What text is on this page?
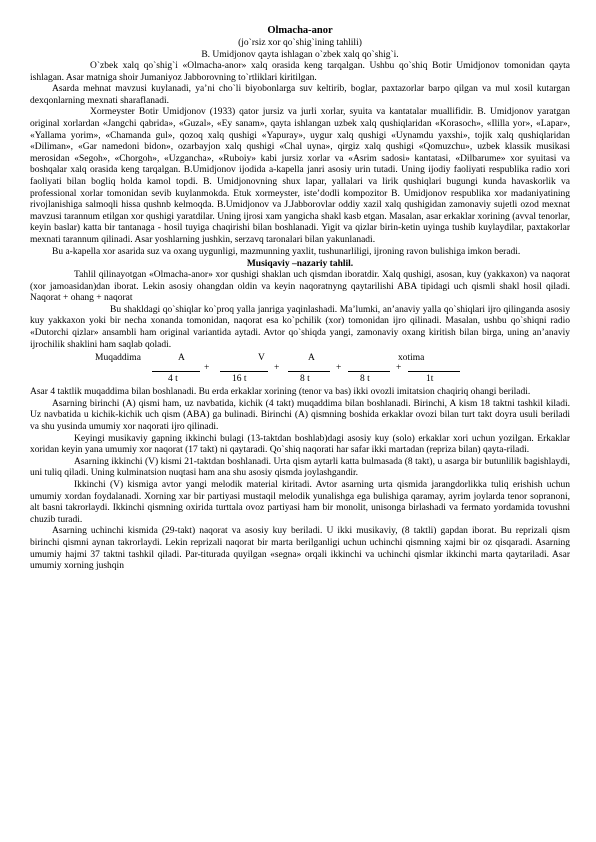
Olmacha-anor
(jo`rsiz xor qo`shig`ining tahlili)
B. Umidjonov qayta ishlagan o`zbek xalq qo`shig`i.

O`zbek xalq qo`shig`i «Olmacha-anor» xalq orasida keng tarqalgan. Ushbu qo`shiq Botir Umidjonov tomonidan qayta ishlagan. Asar matniga shoir Jumaniyoz Jabborovning to`rtliklari kiritilgan.

Asarda mehnat mavzusi kuylanadi, ya’ni cho`li biyobonlarga suv keltirib, boglar, paxtazorlar barpo qilgan va mul xosil kutargan dexqonlarning mexnati sharaflanadi.

Xormeyster Botir Umidjonov (1933) qator jursiz va jurli xorlar, syuita va kantatalar muallifidir. B. Umidjonov yaratgan original xorlardan «Jangchi qabrida», «Guzal», «Ey sanam», qayta ishlangan uzbek xalq qushiqlaridan «Korasoch», «Ililla yor», «Lapar», «Yallama yorim», «Chamanda gul», qozoq xalq qushigi «Yapuray», uygur xalq qushigi «Uynamdu yaxshi», tojik xalq qushiqlaridan «Diliman», «Gar namedoni bidon», ozarbayjon xalq qushigi «Chal uyna», qirgiz xalq qushigi «Qomuzchu», uzbek klassik musikasi merosidan «Segoh», «Chorgoh», «Uzgancha», «Ruboiy» kabi jursiz xorlar va «Asrim sadosi» kantatasi, «Dilbarume» xor syuitasi va boshqalar xalq orasida keng tarqalgan. B.Umidjonov ijodida a-kapella janri asosiy urin tutadi. Uning ijodiy faoliyati respublika radio xori faoliyati bilan bogliq holda kamol topdi. B. Umidjonovning shux lapar, yallalari va lirik qushiqlari bugungi kunda havaskorlik va professional xorlar tomonidan sevib kuylanmokda. Etuk xormeyster, iste’dodli kompozitor B. Umidjonov respublika xor madaniyatining rivojlanishiga salmoqli hissa qushnb kelmoqda. B.Umidjonov va J.Jabborovlar oddiy xazil xalq qushigidan zamonaviy sujetli ozod mexnat mavzusi tarannum etilgan xor qushigi yaratdilar. Uning ijrosi xam yangicha shakl kasb etgan. Masalan, asar erkaklar xorining (avval tenorlar, keyin baslar) katta bir tantanaga - hosil tuyiga chaqirishi bilan boshlanadi. Yigit va qizlar birin-ketin uyinga tushib kuylaydilar, paxtakorlar mexnati tarannum qilinadi. Asar yoshlarning jushkin, serzavq taronalari bilan yakunlanadi.

Bu a-kapella xor asarida suz va oxang uygunligi, mazmunning yaxlit, tushunarliligi, ijroning ravon bulishiga imkon beradi.

Musiqaviy –nazariy tahlil.

Tahlil qilinayotgan «Olmacha-anor» xor qushigi shaklan uch qismdan iboratdir. Xalq qushigi, asosan, kuy (yakkaxon) va naqorat (xor jamoasidan)dan iborat. Lekin asosiy ohangdan oldin va keyin naqoratnyng qaytarilishi ABA tipidagi uch qismli shakl hosil qiladi. Naqorat + ohang + naqorat

Bu shakldagi qo`shiqlar ko`proq yalla janriga yaqinlashadi. Ma’lumki, an’anaviy yalla qo`shiqlari ijro qilinganda asosiy kuy yakkaxon yoki bir necha xonanda tomonidan, naqorat esa ko`pchilik (xor) tomonidan ijro qilinadi. Masalan, ushbu qo`shiqni radio «Dutorchi qizlar» ansambli ham original variantida aytadi. Avtor qo`shiqda yangi, zamonaviy oxang kiritish bilan birga, uning an’anaviy ijrochilik shaklini ham saqlab qoladi.

Muqaddima	A	V	A	xotima
+	+	+	+
4 t	16 t	8 t	8 t	1t

Asar 4 taktlik muqaddima bilan boshlanadi. Bu erda erkaklar xorining (tenor va bas) ikki ovozli imitatsion chaqiriq ohangi beriladi.

Asarning birinchi (A) qismi ham, uz navbatida, kichik (4 takt) muqaddima bilan boshlanadi. Birinchi, A kism 18 taktni tashkil kiladi. Uz navbatida u kichik-kichik uch qism (ABA) ga bulinadi. Birinchi (A) qismning boshida erkaklar ovozi bilan turt takt doyra usuli beriladi va shu yusinda umumiy xor naqorati ijro qilinadi.

Keyingi musikaviy gapning ikkinchi bulagi (13-taktdan boshlab)dagi asosiy kuy (solo) erkaklar xori uchun yozilgan. Erkaklar xoridan keyin yana umumiy xor naqorat (17 takt) ni qaytaradi. Qo`shiq naqorati har safar ikki martadan (repriza bilan) qayta-riladi.

Asarning ikkinchi (V) kismi 21-taktdan boshlanadi. Urta qism aytarli katta bulmasada (8 takt), u asarga bir butunlilik bagishlaydi, uni tuliq qiladi. Uning kulminatsion nuqtasi ham ana shu asosiy qismda joylashgandir.

Ikkinchi (V) kismiga avtor yangi melodik material kiritadi. Avtor asarning urta qismida jarangdorlikka tuliq erishish uchun umumiy xordan foydalanadi. Xorning xar bir partiyasi mustaqil melodik yunalishga ega bulishiga qaramay, ayrim joylarda tenor sopranoni, alt basni takrorlaydi. Ikkinchi qismning oxirida turttala ovoz partiyasi ham bir monolit, unisonga birlashadi va fermato yordamida tovushni chuzib turadi.

Asarning uchinchi kismida (29-takt) naqorat va asosiy kuy beriladi. U ikki musikaviy, (8 taktli) gapdan iborat. Bu reprizali qism birinchi qismni aynan takrorlaydi. Lekin reprizali naqorat bir marta berilganligi uchun uchinchi qismning xajmi bir oz qisqaradi. Asarning umumiy hajmi 37 taktni tashkil qiladi. Par-titurada quyilgan «segna» orqali ikkinchi va uchinchi qismlar ikkinchi marta qaytariladi. Asar umumiy xorning jushqin
